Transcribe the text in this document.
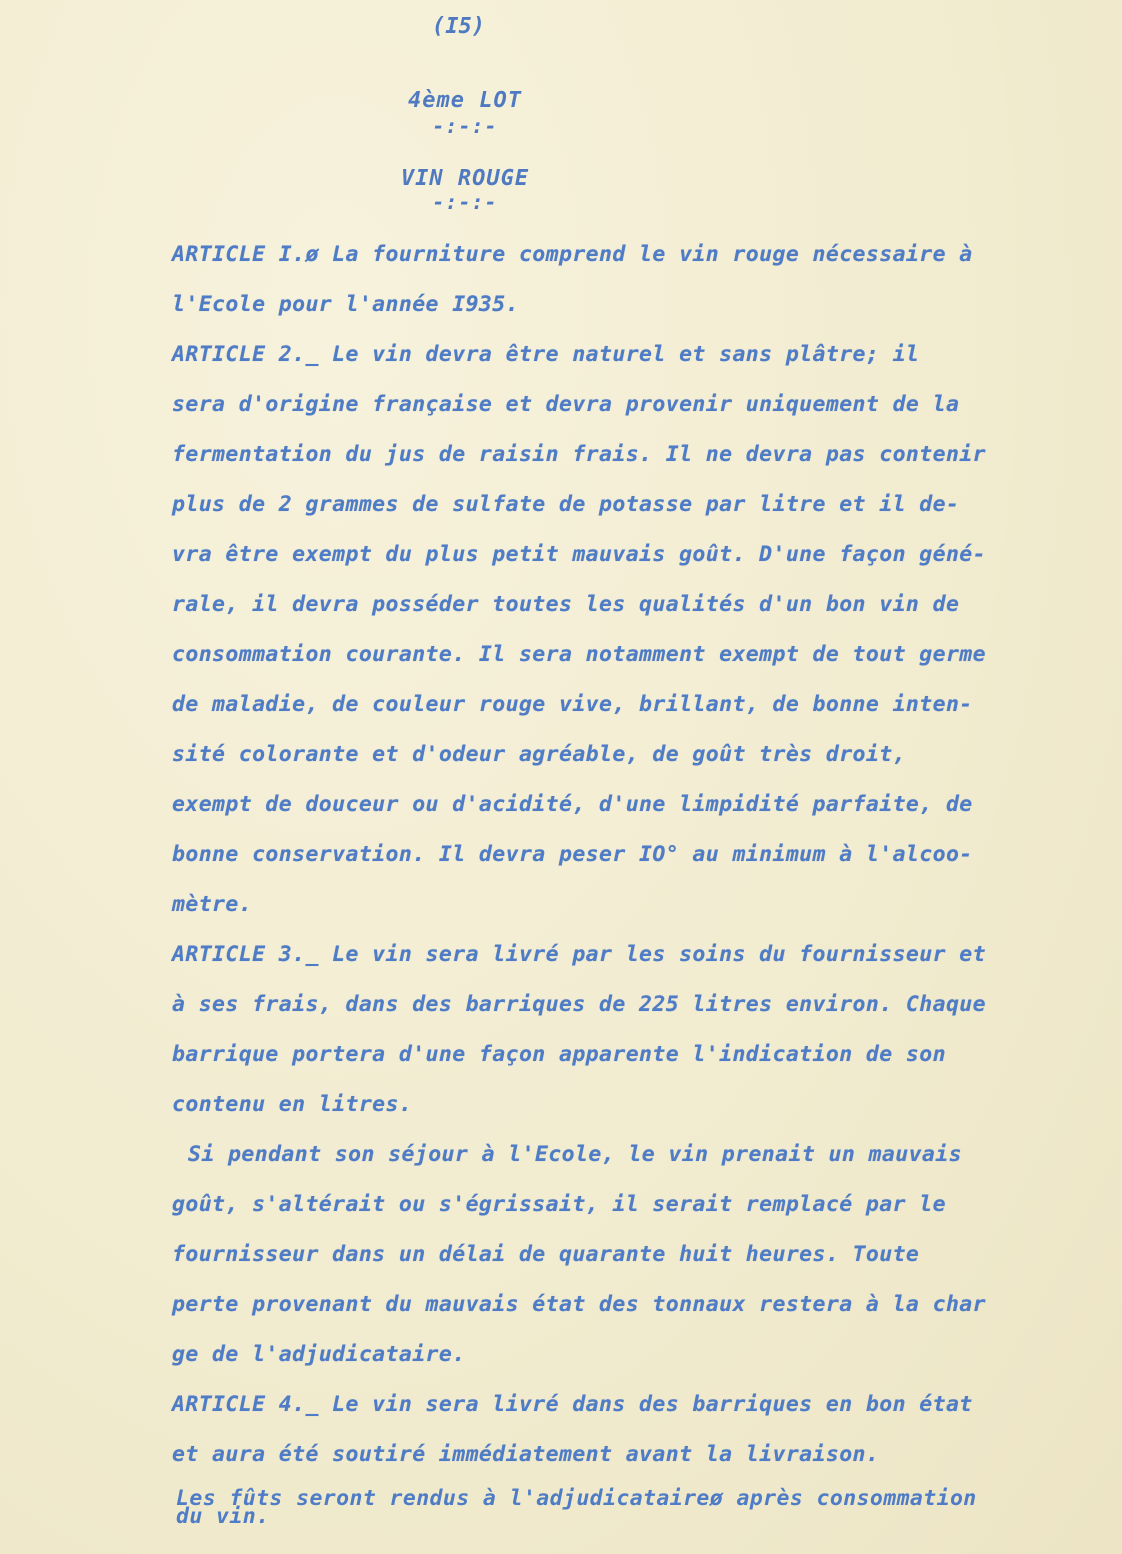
(I5)
4ème LOT
-:-:-
VIN ROUGE
-:-:-
ARTICLE I.ø La fourniture comprend le vin rouge nécessaire à
l'Ecole pour l'année I935.
ARTICLE 2._ Le vin devra être naturel et sans plâtre; il
sera d'origine française et devra provenir uniquement de la
fermentation du jus de raisin frais. Il ne devra pas contenir
plus de 2 grammes de sulfate de potasse par litre et il de-
vra être exempt du plus petit mauvais goût. D'une façon géné-
rale, il devra posséder toutes les qualités d'un bon vin de
consommation courante. Il sera notamment exempt de tout germe
de maladie, de couleur rouge vive, brillant, de bonne inten-
sité colorante et d'odeur agréable, de goût très droit,
exempt de douceur ou d'acidité, d'une limpidité parfaite, de
bonne conservation. Il devra peser IO° au minimum à l'alcoo-
mètre.
ARTICLE 3._ Le vin sera livré par les soins du fournisseur et
à ses frais, dans des barriques de 225 litres environ. Chaque
barrique portera d'une façon apparente l'indication de son
contenu en litres.
Si pendant son séjour à l'Ecole, le vin prenait un mauvais
goût, s'altérait ou s'égrissait, il serait remplacé par le
fournisseur dans un délai de quarante huit heures. Toute
perte provenant du mauvais état des tonnaux restera à la char
ge de l'adjudicataire.
ARTICLE 4._ Le vin sera livré dans des barriques en bon état
et aura été soutiré immédiatement avant la livraison.
Les fûts seront rendus à l'adjudicataireø après consommation
du vin.
